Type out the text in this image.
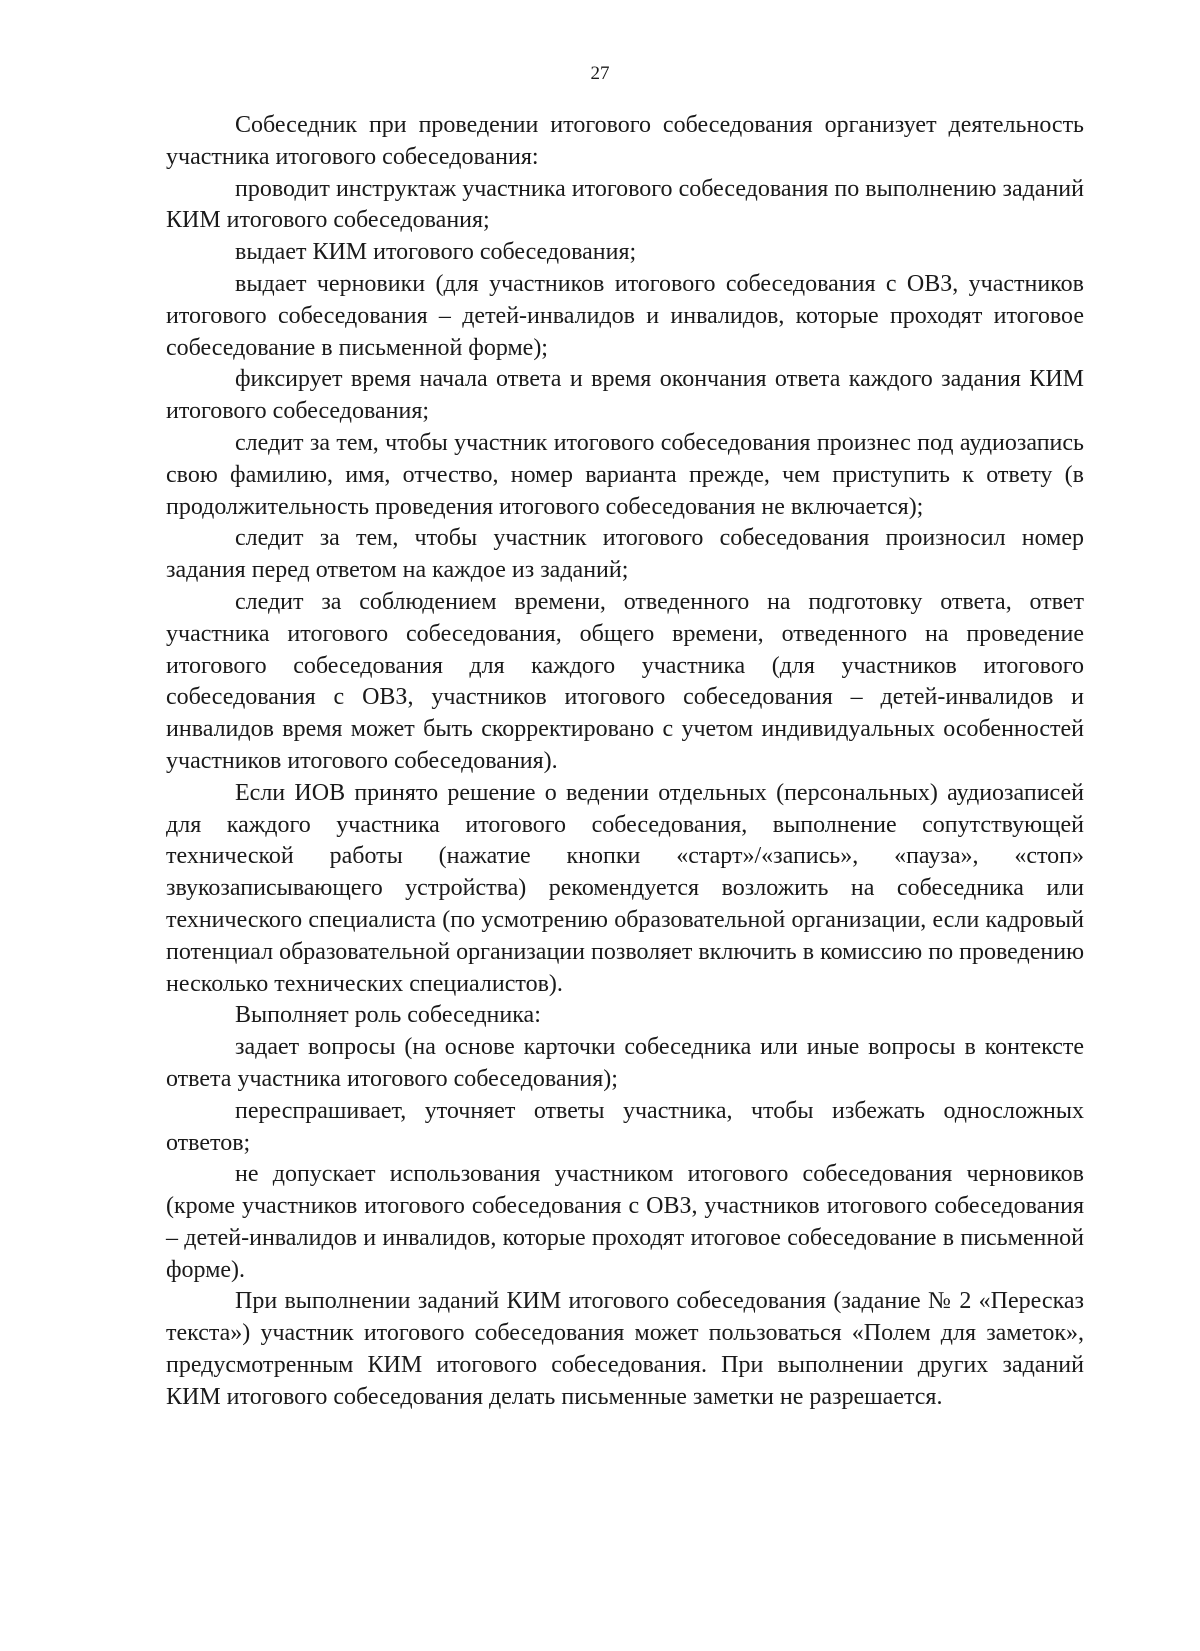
27

Собеседник при проведении итогового собеседования организует деятельность участника итогового собеседования:

проводит инструктаж участника итогового собеседования по выполнению заданий КИМ итогового собеседования;

выдает КИМ итогового собеседования;

выдает черновики (для участников итогового собеседования с ОВЗ, участников итогового собеседования – детей-инвалидов и инвалидов, которые проходят итоговое собеседование в письменной форме);

фиксирует время начала ответа и время окончания ответа каждого задания КИМ итогового собеседования;

следит за тем, чтобы участник итогового собеседования произнес под аудиозапись свою фамилию, имя, отчество, номер варианта прежде, чем приступить к ответу (в продолжительность проведения итогового собеседования не включается);

следит за тем, чтобы участник итогового собеседования произносил номер задания перед ответом на каждое из заданий;

следит за соблюдением времени, отведенного на подготовку ответа, ответ участника итогового собеседования, общего времени, отведенного на проведение итогового собеседования для каждого участника (для участников итогового собеседования с ОВЗ, участников итогового собеседования – детей-инвалидов и инвалидов время может быть скорректировано с учетом индивидуальных особенностей участников итогового собеседования).

Если ИОВ принято решение о ведении отдельных (персональных) аудиозаписей для каждого участника итогового собеседования, выполнение сопутствующей технической работы (нажатие кнопки «старт»/«запись», «пауза», «стоп» звукозаписывающего устройства) рекомендуется возложить на собеседника или технического специалиста (по усмотрению образовательной организации, если кадровый потенциал образовательной организации позволяет включить в комиссию по проведению несколько технических специалистов).

Выполняет роль собеседника:

задает вопросы (на основе карточки собеседника или иные вопросы в контексте ответа участника итогового собеседования);

переспрашивает, уточняет ответы участника, чтобы избежать односложных ответов;

не допускает использования участником итогового собеседования черновиков (кроме участников итогового собеседования с ОВЗ, участников итогового собеседования – детей-инвалидов и инвалидов, которые проходят итоговое собеседование в письменной форме).

При выполнении заданий КИМ итогового собеседования (задание № 2 «Пересказ текста») участник итогового собеседования может пользоваться «Полем для заметок», предусмотренным КИМ итогового собеседования. При выполнении других заданий КИМ итогового собеседования делать письменные заметки не разрешается.
